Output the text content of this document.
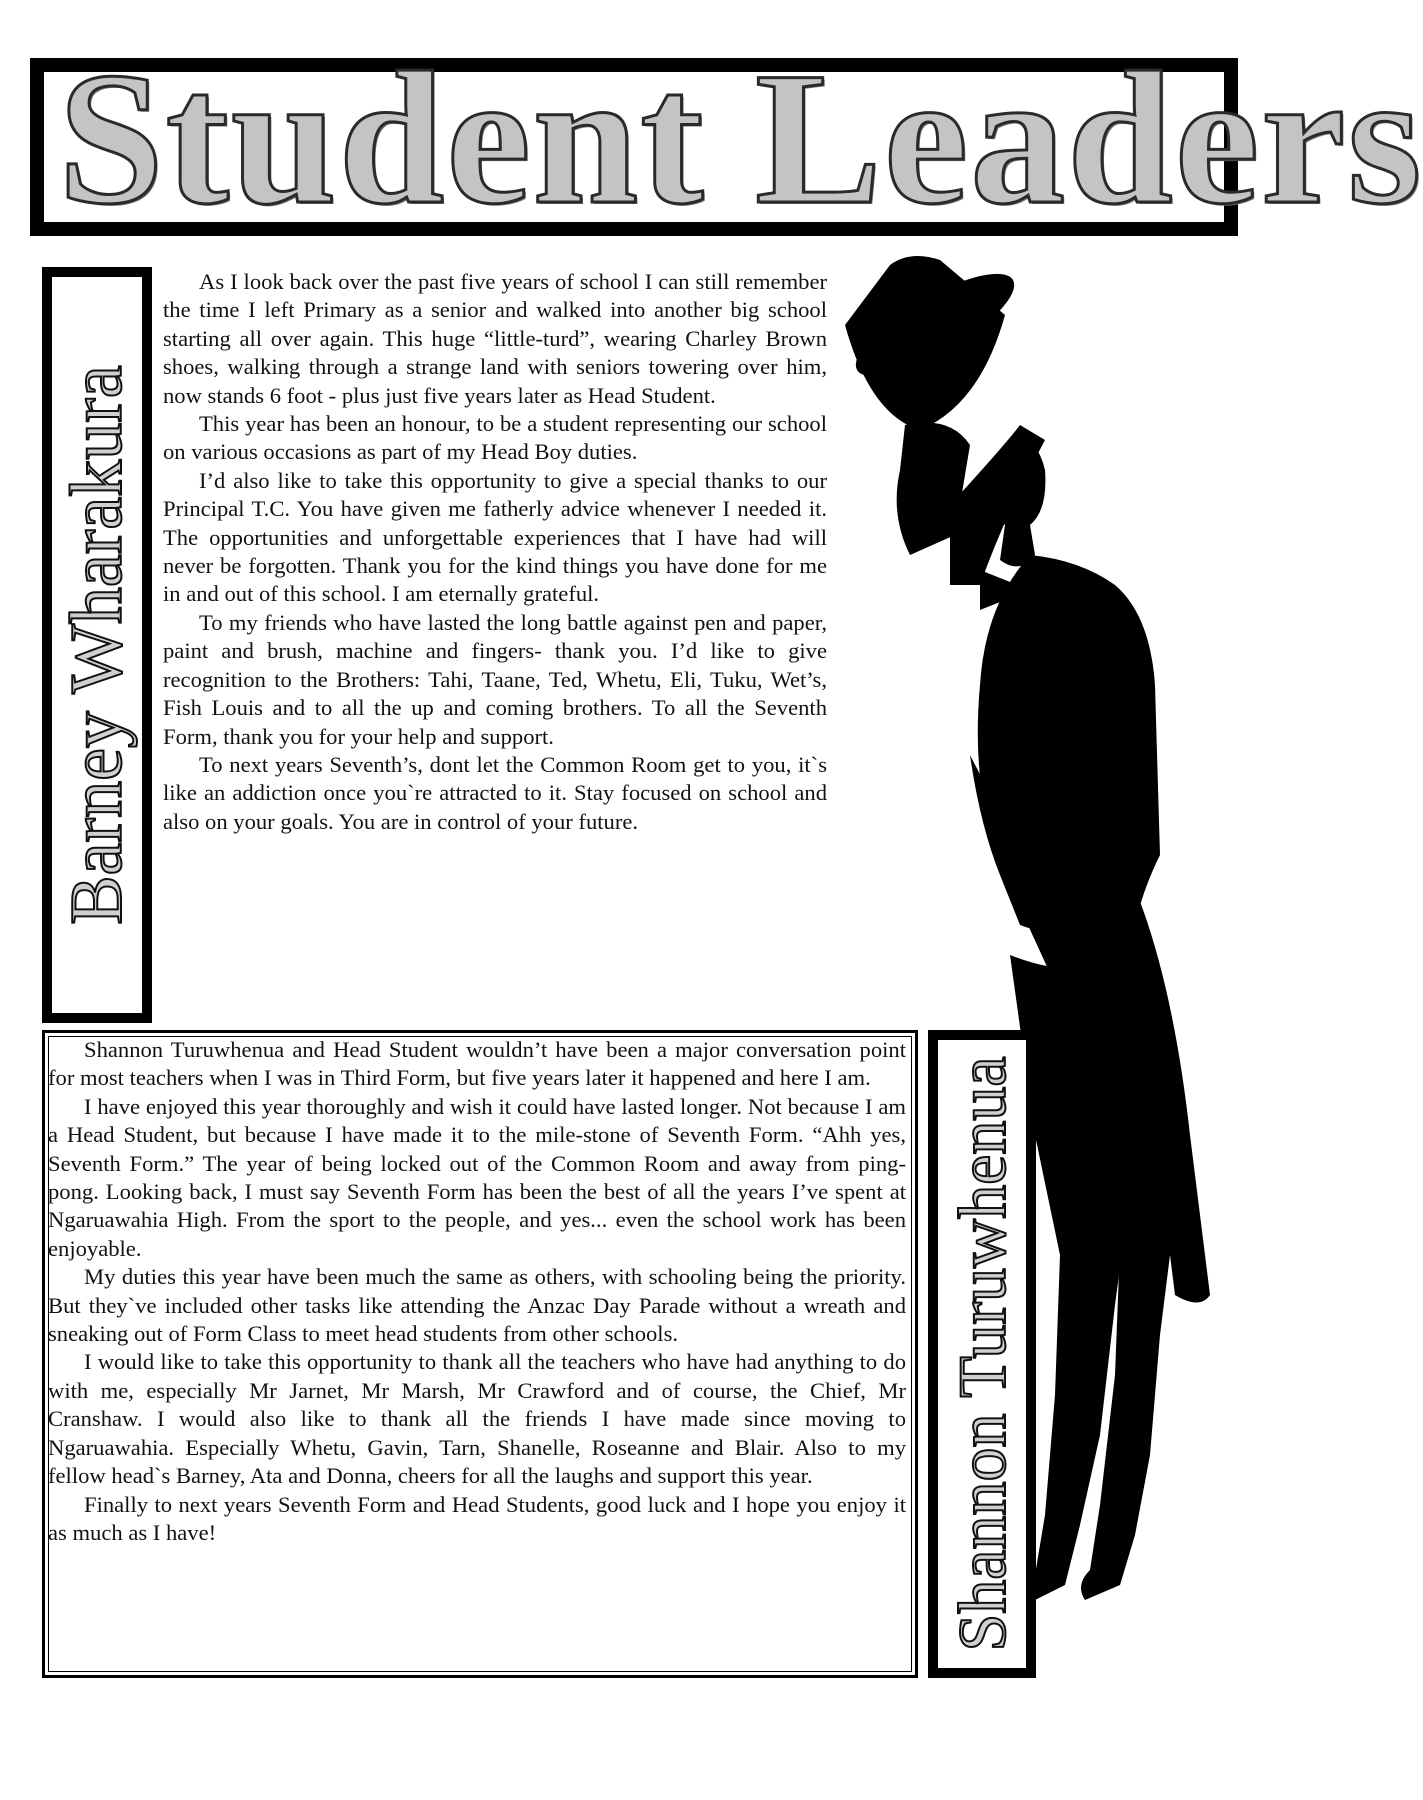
Student Leaders
Barney Wharakura

As I look back over the past five years of school I can still remember the time I left Primary as a senior and walked into another big school starting all over again. This huge “little-turd”, wearing Charley Brown shoes, walking through a strange land with seniors towering over him, now stands 6 foot - plus just five years later as Head Student.

This year has been an honour, to be a student representing our school on various occasions as part of my Head Boy duties.

I’d also like to take this opportunity to give a special thanks to our Principal T.C. You have given me fatherly advice whenever I needed it. The opportunities and unforgettable experiences that I have had will never be forgotten. Thank you for the kind things you have done for me in and out of this school. I am eternally grateful.

To my friends who have lasted the long battle against pen and paper, paint and brush, machine and fingers- thank you. I’d like to give recognition to the Brothers: Tahi, Taane, Ted, Whetu, Eli, Tuku, Wet’s, Fish Louis and to all the up and coming brothers. To all the Seventh Form, thank you for your help and support.

To next years Seventh’s, dont let the Common Room get to you, it`s like an addiction once you`re attracted to it. Stay focused on school and also on your goals. You are in control of your future.

Shannon Turuwhenua and Head Student wouldn’t have been a major conversation point for most teachers when I was in Third Form, but five years later it happened and here I am.

I have enjoyed this year thoroughly and wish it could have lasted longer. Not because I am a Head Student, but because I have made it to the mile-stone of Seventh Form. “Ahh yes, Seventh Form.” The year of being locked out of the Common Room and away from ping-pong. Looking back, I must say Seventh Form has been the best of all the years I’ve spent at Ngaruawahia High. From the sport to the people, and yes... even the school work has been enjoyable.

My duties this year have been much the same as others, with schooling being the priority. But they`ve included other tasks like attending the Anzac Day Parade without a wreath and sneaking out of Form Class to meet head students from other schools.

I would like to take this opportunity to thank all the teachers who have had anything to do with me, especially Mr Jarnet, Mr Marsh, Mr Crawford and of course, the Chief, Mr Cranshaw. I would also like to thank all the friends I have made since moving to Ngaruawahia. Especially Whetu, Gavin, Tarn, Shanelle, Roseanne and Blair. Also to my fellow head`s Barney, Ata and Donna, cheers for all the laughs and support this year.

Finally to next years Seventh Form and Head Students, good luck and I hope you enjoy it as much as I have!	Shannon Turuwhenua
